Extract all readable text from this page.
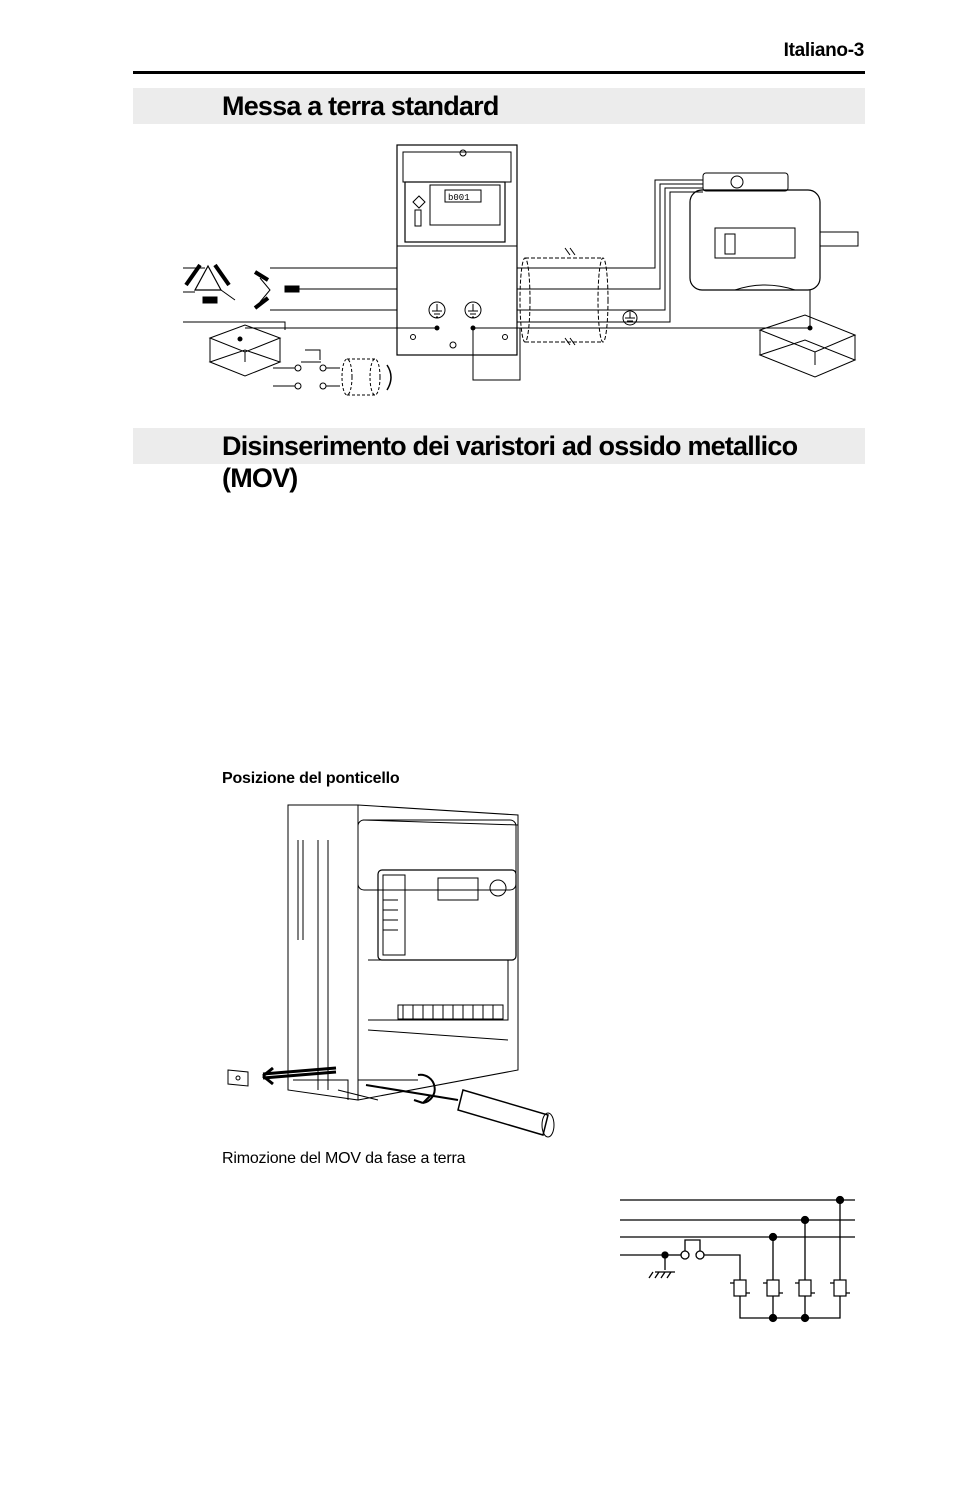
Italiano-3
Messa a terra standard
b001
Disinserimento dei varistori ad ossido metallico (MOV)
Posizione del ponticello
Rimozione del MOV da fase a terra
